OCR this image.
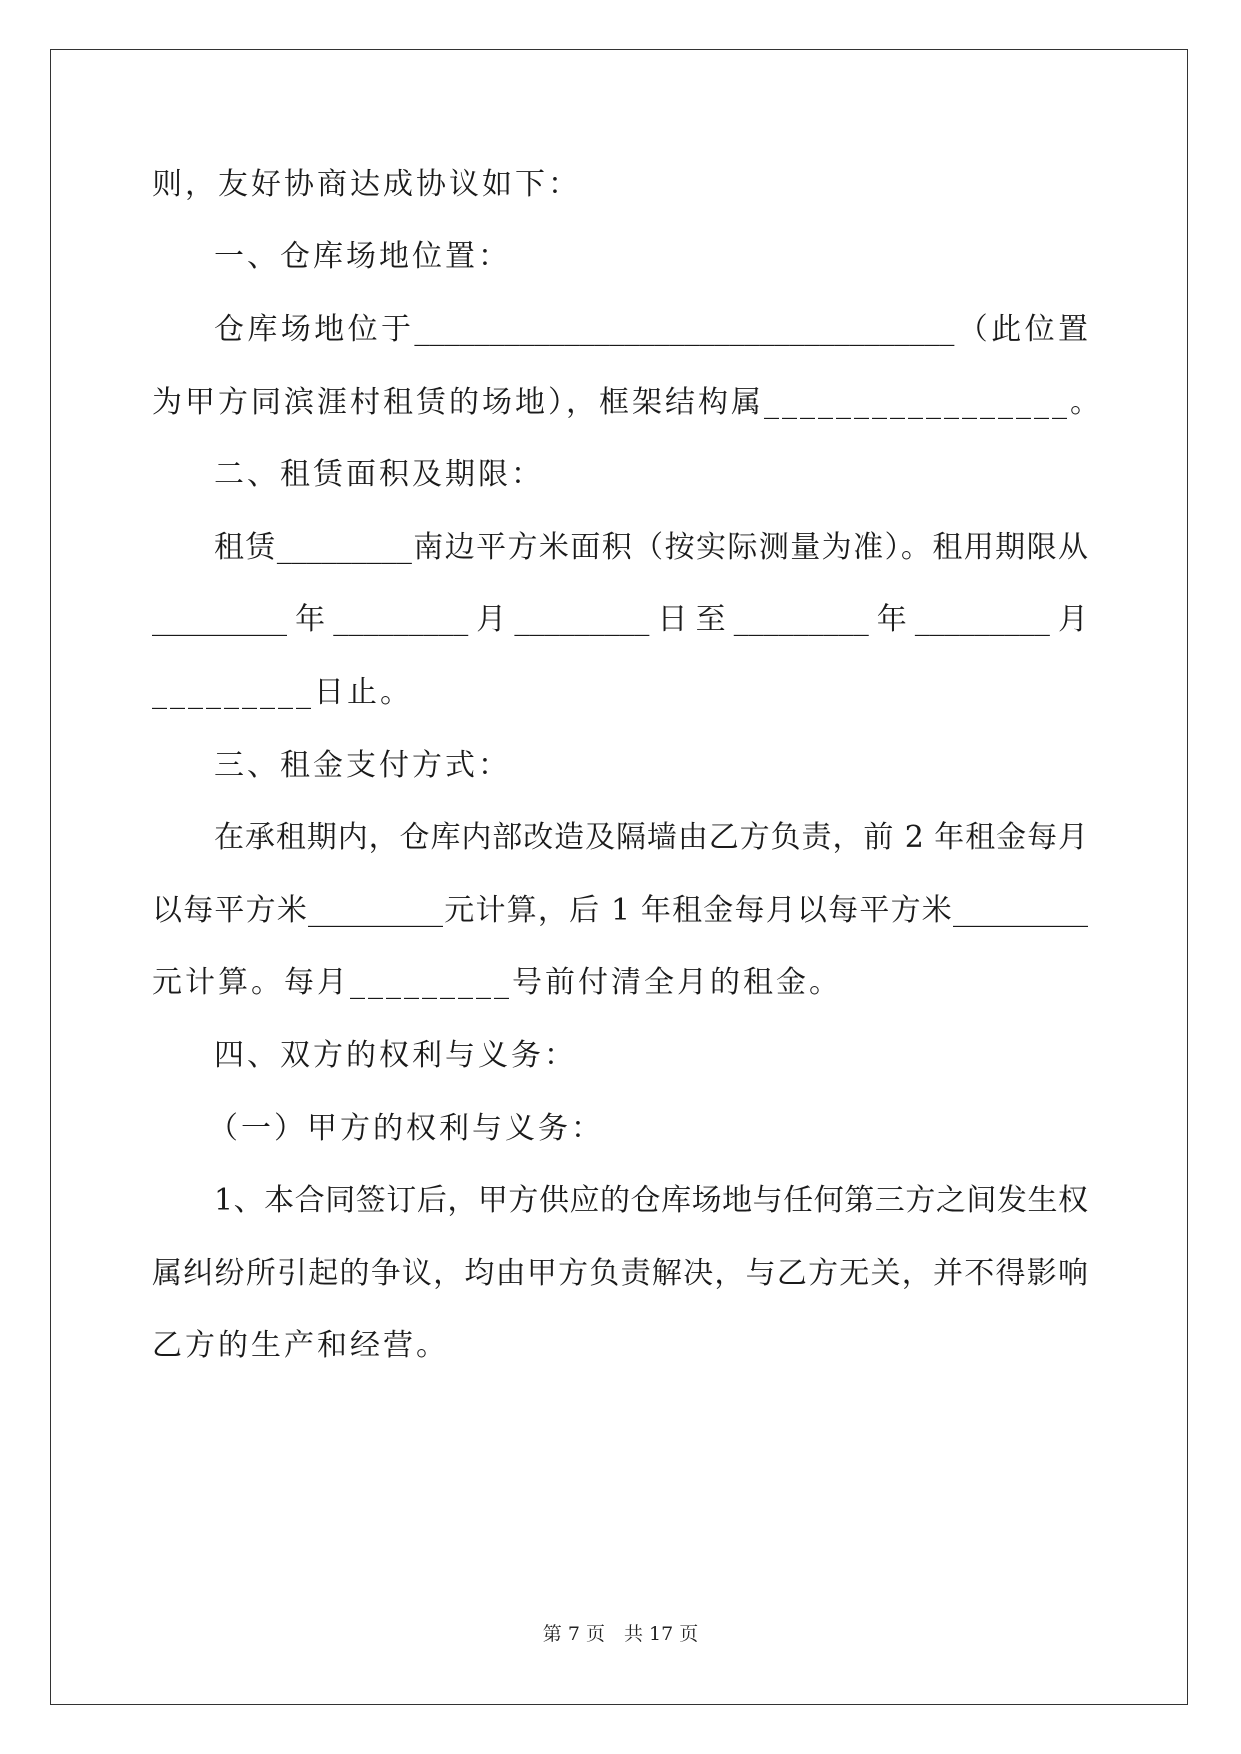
则，友好协商达成协议如下：
一、仓库场地位置：
仓库场地位于____________________________________（此位置
为甲方同滨涯村租赁的场地），框架结构属_________________。
二、租赁面积及期限：
租赁_________南边平方米面积（按实际测量为准）。租用期限从
_________年_________月_________日至_________年_________月
_________日止。
三、租金支付方式：
在承租期内，仓库内部改造及隔墙由乙方负责，前 2 年租金每月
以每平方米_________元计算，后 1 年租金每月以每平方米_________
元计算。每月_________号前付清全月的租金。
四、双方的权利与义务：
（一）甲方的权利与义务：
1、本合同签订后，甲方供应的仓库场地与任何第三方之间发生权
属纠纷所引起的争议，均由甲方负责解决，与乙方无关，并不得影响
乙方的生产和经营。
第 7 页　共 17 页
